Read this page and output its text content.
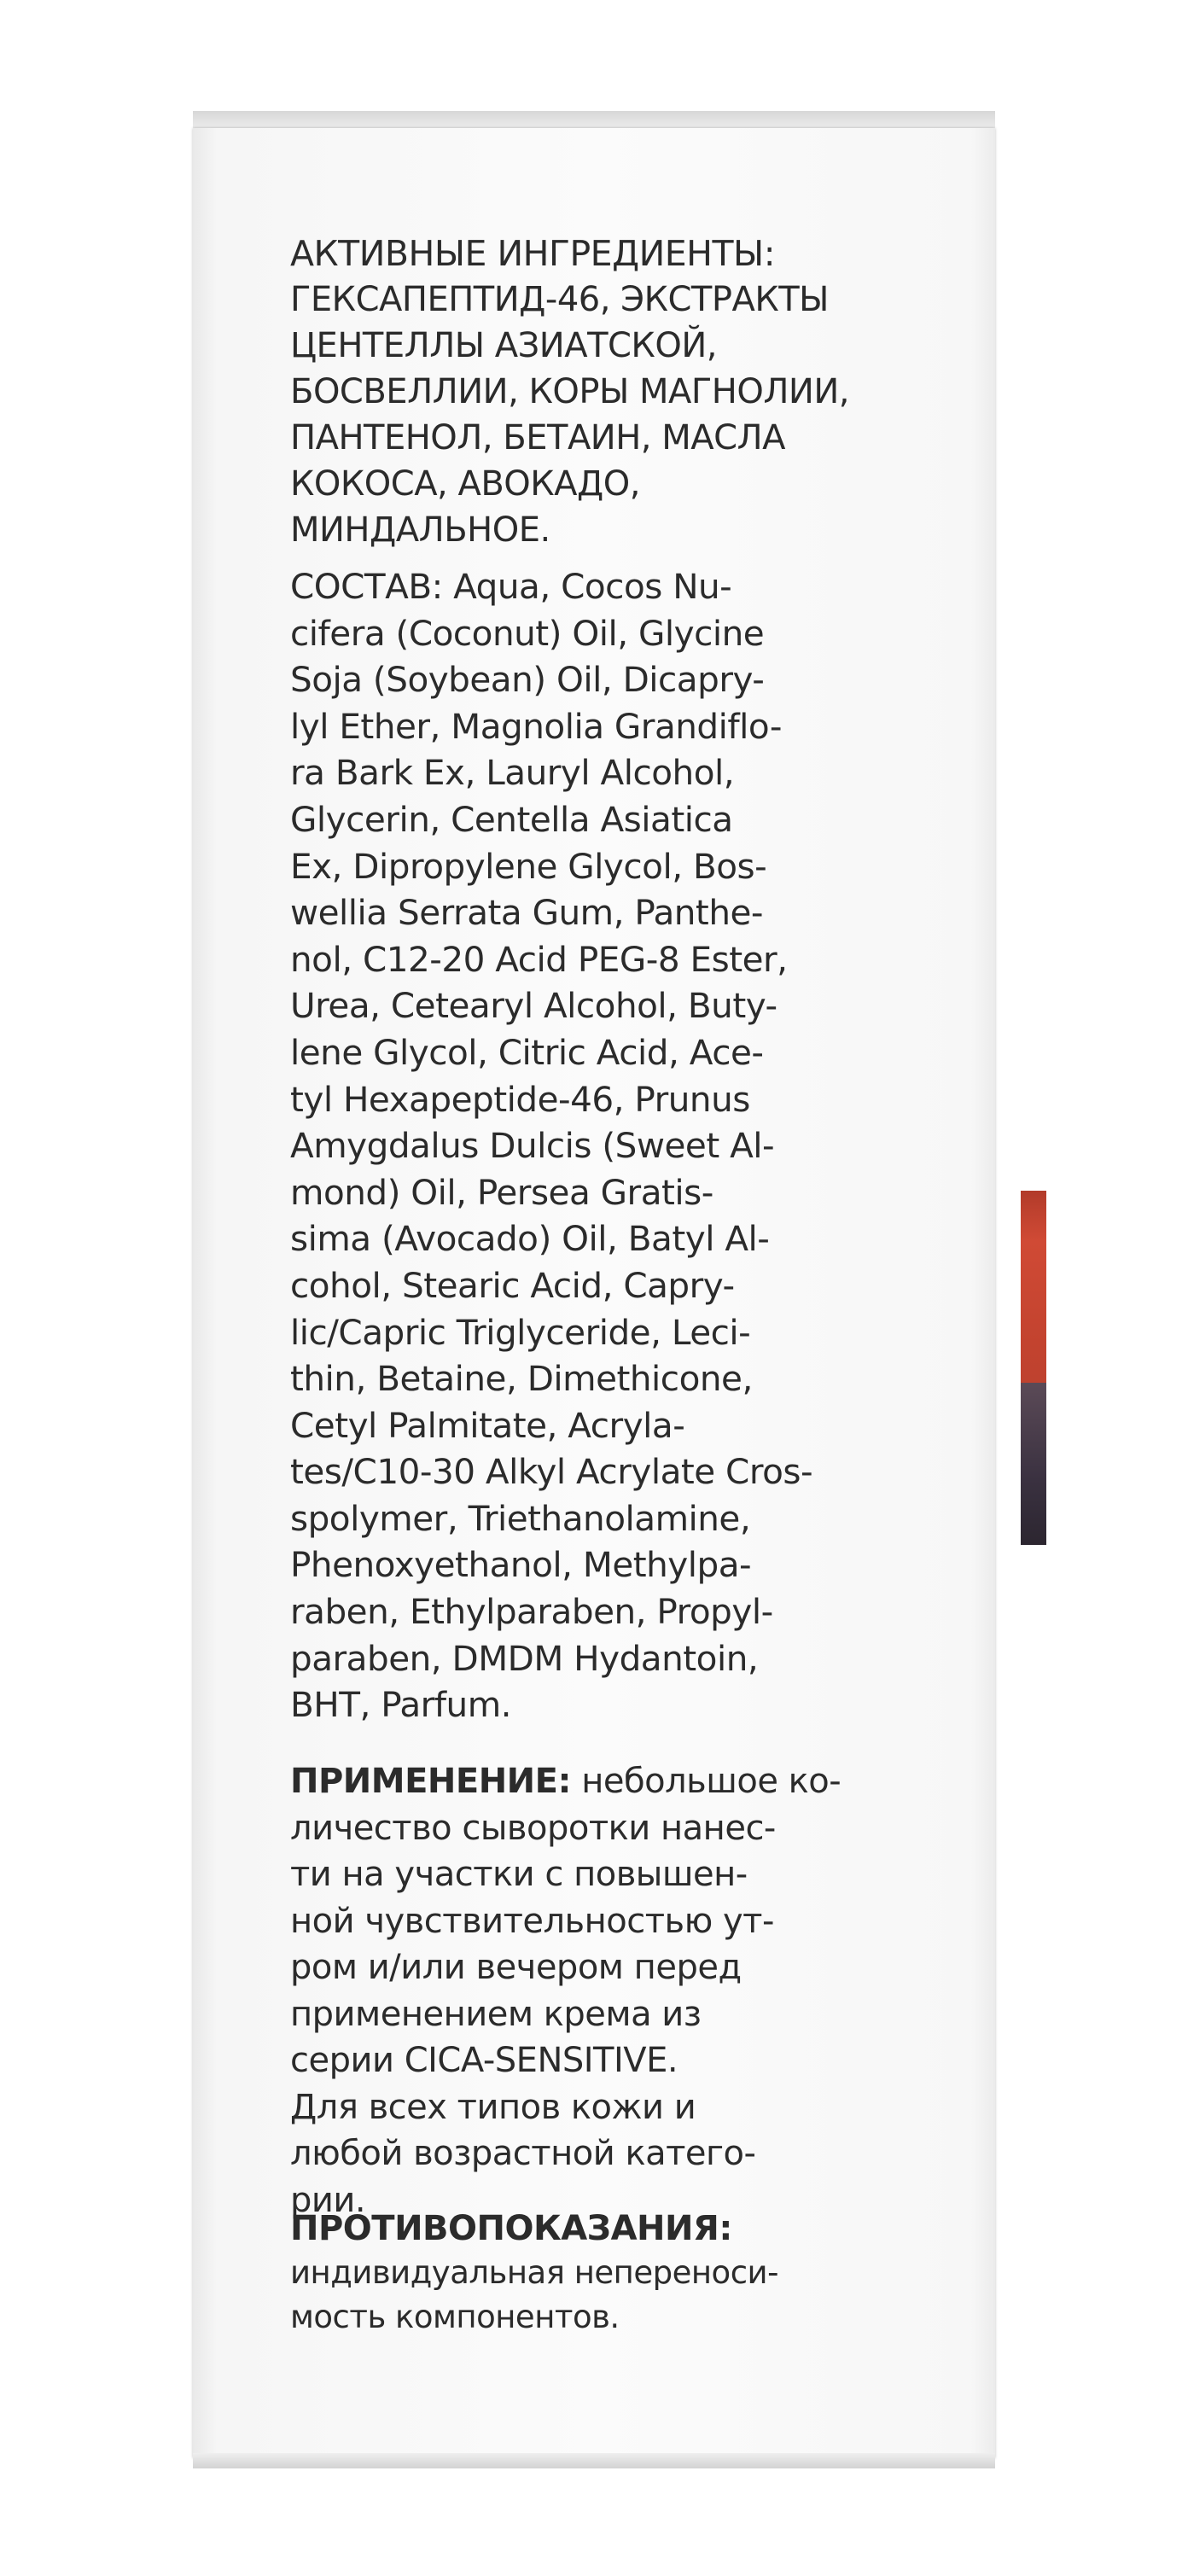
АКТИВНЫЕ ИНГРЕДИЕНТЫ:

ГЕКСАПЕПТИД-46, ЭКСТРАКТЫ

ЦЕНТЕЛЛЫ АЗИАТСКОЙ,

БОСВЕЛЛИИ, КОРЫ МАГНОЛИИ,

ПАНТЕНОЛ, БЕТАИН, МАСЛА

КОКОСА, АВОКАДО,

МИНДАЛЬНОЕ.

СОСТАВ: Aqua, Cocos Nu-

cifera (Coconut) Oil, Glycine

Soja (Soybean) Oil, Dicapry-

lyl Ether, Magnolia Grandiflo-

ra Bark Ex, Lauryl Alcohol,

Glycerin, Centella Asiatica

Ex, Dipropylene Glycol, Bos-

wellia Serrata Gum, Panthe-

nol, C12-20 Acid PEG-8 Ester,

Urea, Cetearyl Alcohol, Buty-

lene Glycol, Citric Acid, Ace-

tyl Hexapeptide-46, Prunus

Amygdalus Dulcis (Sweet Al-

mond) Oil, Persea Gratis-

sima (Avocado) Oil, Batyl Al-

cohol, Stearic Acid, Capry-

lic/Capric Triglyceride, Leci-

thin, Betaine, Dimethicone,

Cetyl Palmitate, Acryla-

tes/C10-30 Alkyl Acrylate Cros-

spolymer, Triethanolamine,

Phenoxyethanol, Methylpa-

raben, Ethylparaben, Propyl-

paraben, DMDM Hydantoin,

BHT, Parfum.

ПРИМЕНЕНИЕ: небольшое ко-

личество сыворотки нанес-

ти на участки с повышен-

ной чувствительностью ут-

ром и/или вечером перед

применением крема из

серии CICA-SENSITIVE.

Для всех типов кожи и

любой возрастной катего-

рии.

ПРОТИВОПОКАЗАНИЯ:

индивидуальная непереноси-

мость компонентов.
